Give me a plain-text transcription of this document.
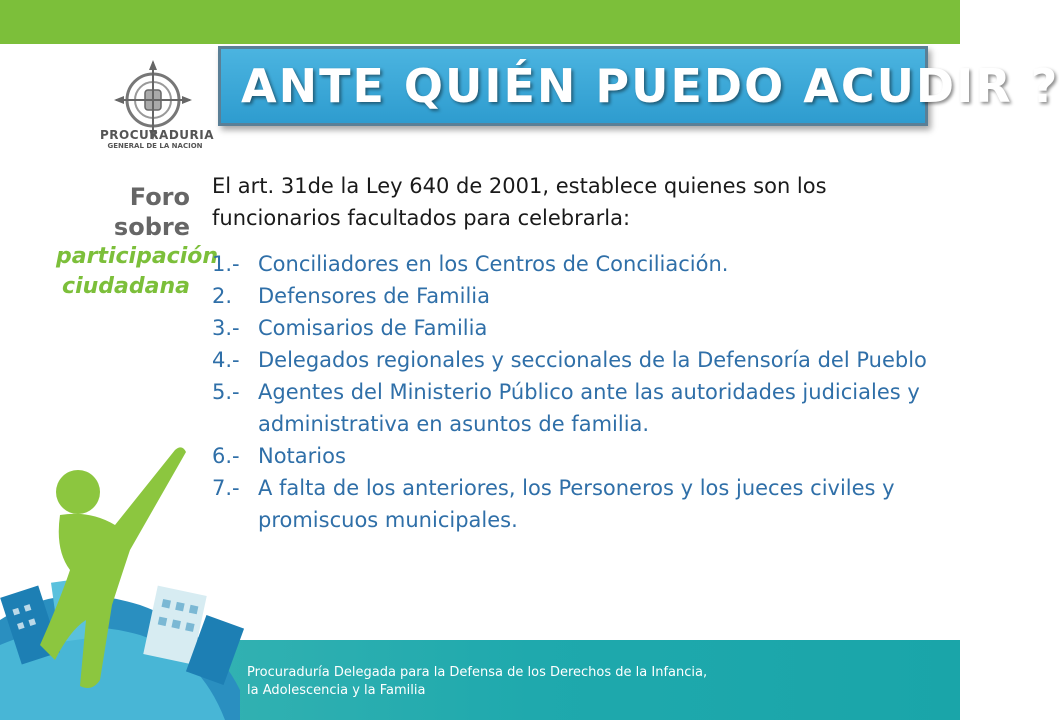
PROCURADURIA
GENERAL DE LA NACION
Foro sobre
participación
ciudadana
ANTE QUIÉN PUEDO ACUDIR ?

El art. 31de la Ley 640 de 2001, establece quienes son los funcionarios facultados para celebrarla:

1.- Conciliadores en los Centros de Conciliación.
2.	Defensores de Familia
3.- Comisarios de Familia
4.- Delegados regionales y seccionales de la Defensoría del Pueblo
5.- Agentes del Ministerio Público ante las autoridades judiciales y administrativa en asuntos de familia.
6.- Notarios
7.- A falta de los anteriores, los Personeros y los jueces civiles y promiscuos municipales.
Procuraduría Delegada para la Defensa de los Derechos de la Infancia,
la Adolescencia y la Familia
